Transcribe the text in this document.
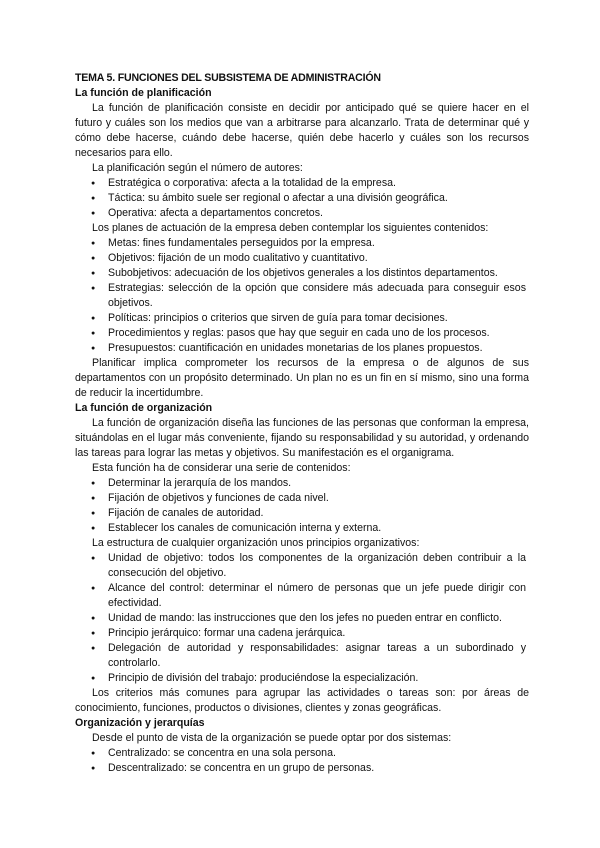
TEMA 5. FUNCIONES DEL SUBSISTEMA DE ADMINISTRACIÓN
La función de planificación
La función de planificación consiste en decidir por anticipado qué se quiere hacer en el futuro y cuáles son los medios que van a arbitrarse para alcanzarlo. Trata de determinar qué y cómo debe hacerse, cuándo debe hacerse, quién debe hacerlo y cuáles son los recursos necesarios para ello.
La planificación según el número de autores:
● Estratégica o corporativa: afecta a la totalidad de la empresa.
● Táctica: su ámbito suele ser regional o afectar a una división geográfica.
● Operativa: afecta a departamentos concretos.
Los planes de actuación de la empresa deben contemplar los siguientes contenidos:
● Metas: fines fundamentales perseguidos por la empresa.
● Objetivos: fijación de un modo cualitativo y cuantitativo.
● Subobjetivos: adecuación de los objetivos generales a los distintos departamentos.
● Estrategias: selección de la opción que considere más adecuada para conseguir esos objetivos.
● Políticas: principios o criterios que sirven de guía para tomar decisiones.
● Procedimientos y reglas: pasos que hay que seguir en cada uno de los procesos.
● Presupuestos: cuantificación en unidades monetarias de los planes propuestos.
Planificar implica comprometer los recursos de la empresa o de algunos de sus departamentos con un propósito determinado. Un plan no es un fin en sí mismo, sino una forma de reducir la incertidumbre.
La función de organización
La función de organización diseña las funciones de las personas que conforman la empresa, situándolas en el lugar más conveniente, fijando su responsabilidad y su autoridad, y ordenando las tareas para lograr las metas y objetivos. Su manifestación es el organigrama.
Esta función ha de considerar una serie de contenidos:
● Determinar la jerarquía de los mandos.
● Fijación de objetivos y funciones de cada nivel.
● Fijación de canales de autoridad.
● Establecer los canales de comunicación interna y externa.
La estructura de cualquier organización unos principios organizativos:
● Unidad de objetivo: todos los componentes de la organización deben contribuir a la consecución del objetivo.
● Alcance del control: determinar el número de personas que un jefe puede dirigir con efectividad.
● Unidad de mando: las instrucciones que den los jefes no pueden entrar en conflicto.
● Principio jerárquico: formar una cadena jerárquica.
● Delegación de autoridad y responsabilidades: asignar tareas a un subordinado y controlarlo.
● Principio de división del trabajo: produciéndose la especialización.
Los criterios más comunes para agrupar las actividades o tareas son: por áreas de conocimiento, funciones, productos o divisiones, clientes y zonas geográficas.
Organización y jerarquías
Desde el punto de vista de la organización se puede optar por dos sistemas:
● Centralizado: se concentra en una sola persona.
● Descentralizado: se concentra en un grupo de personas.
